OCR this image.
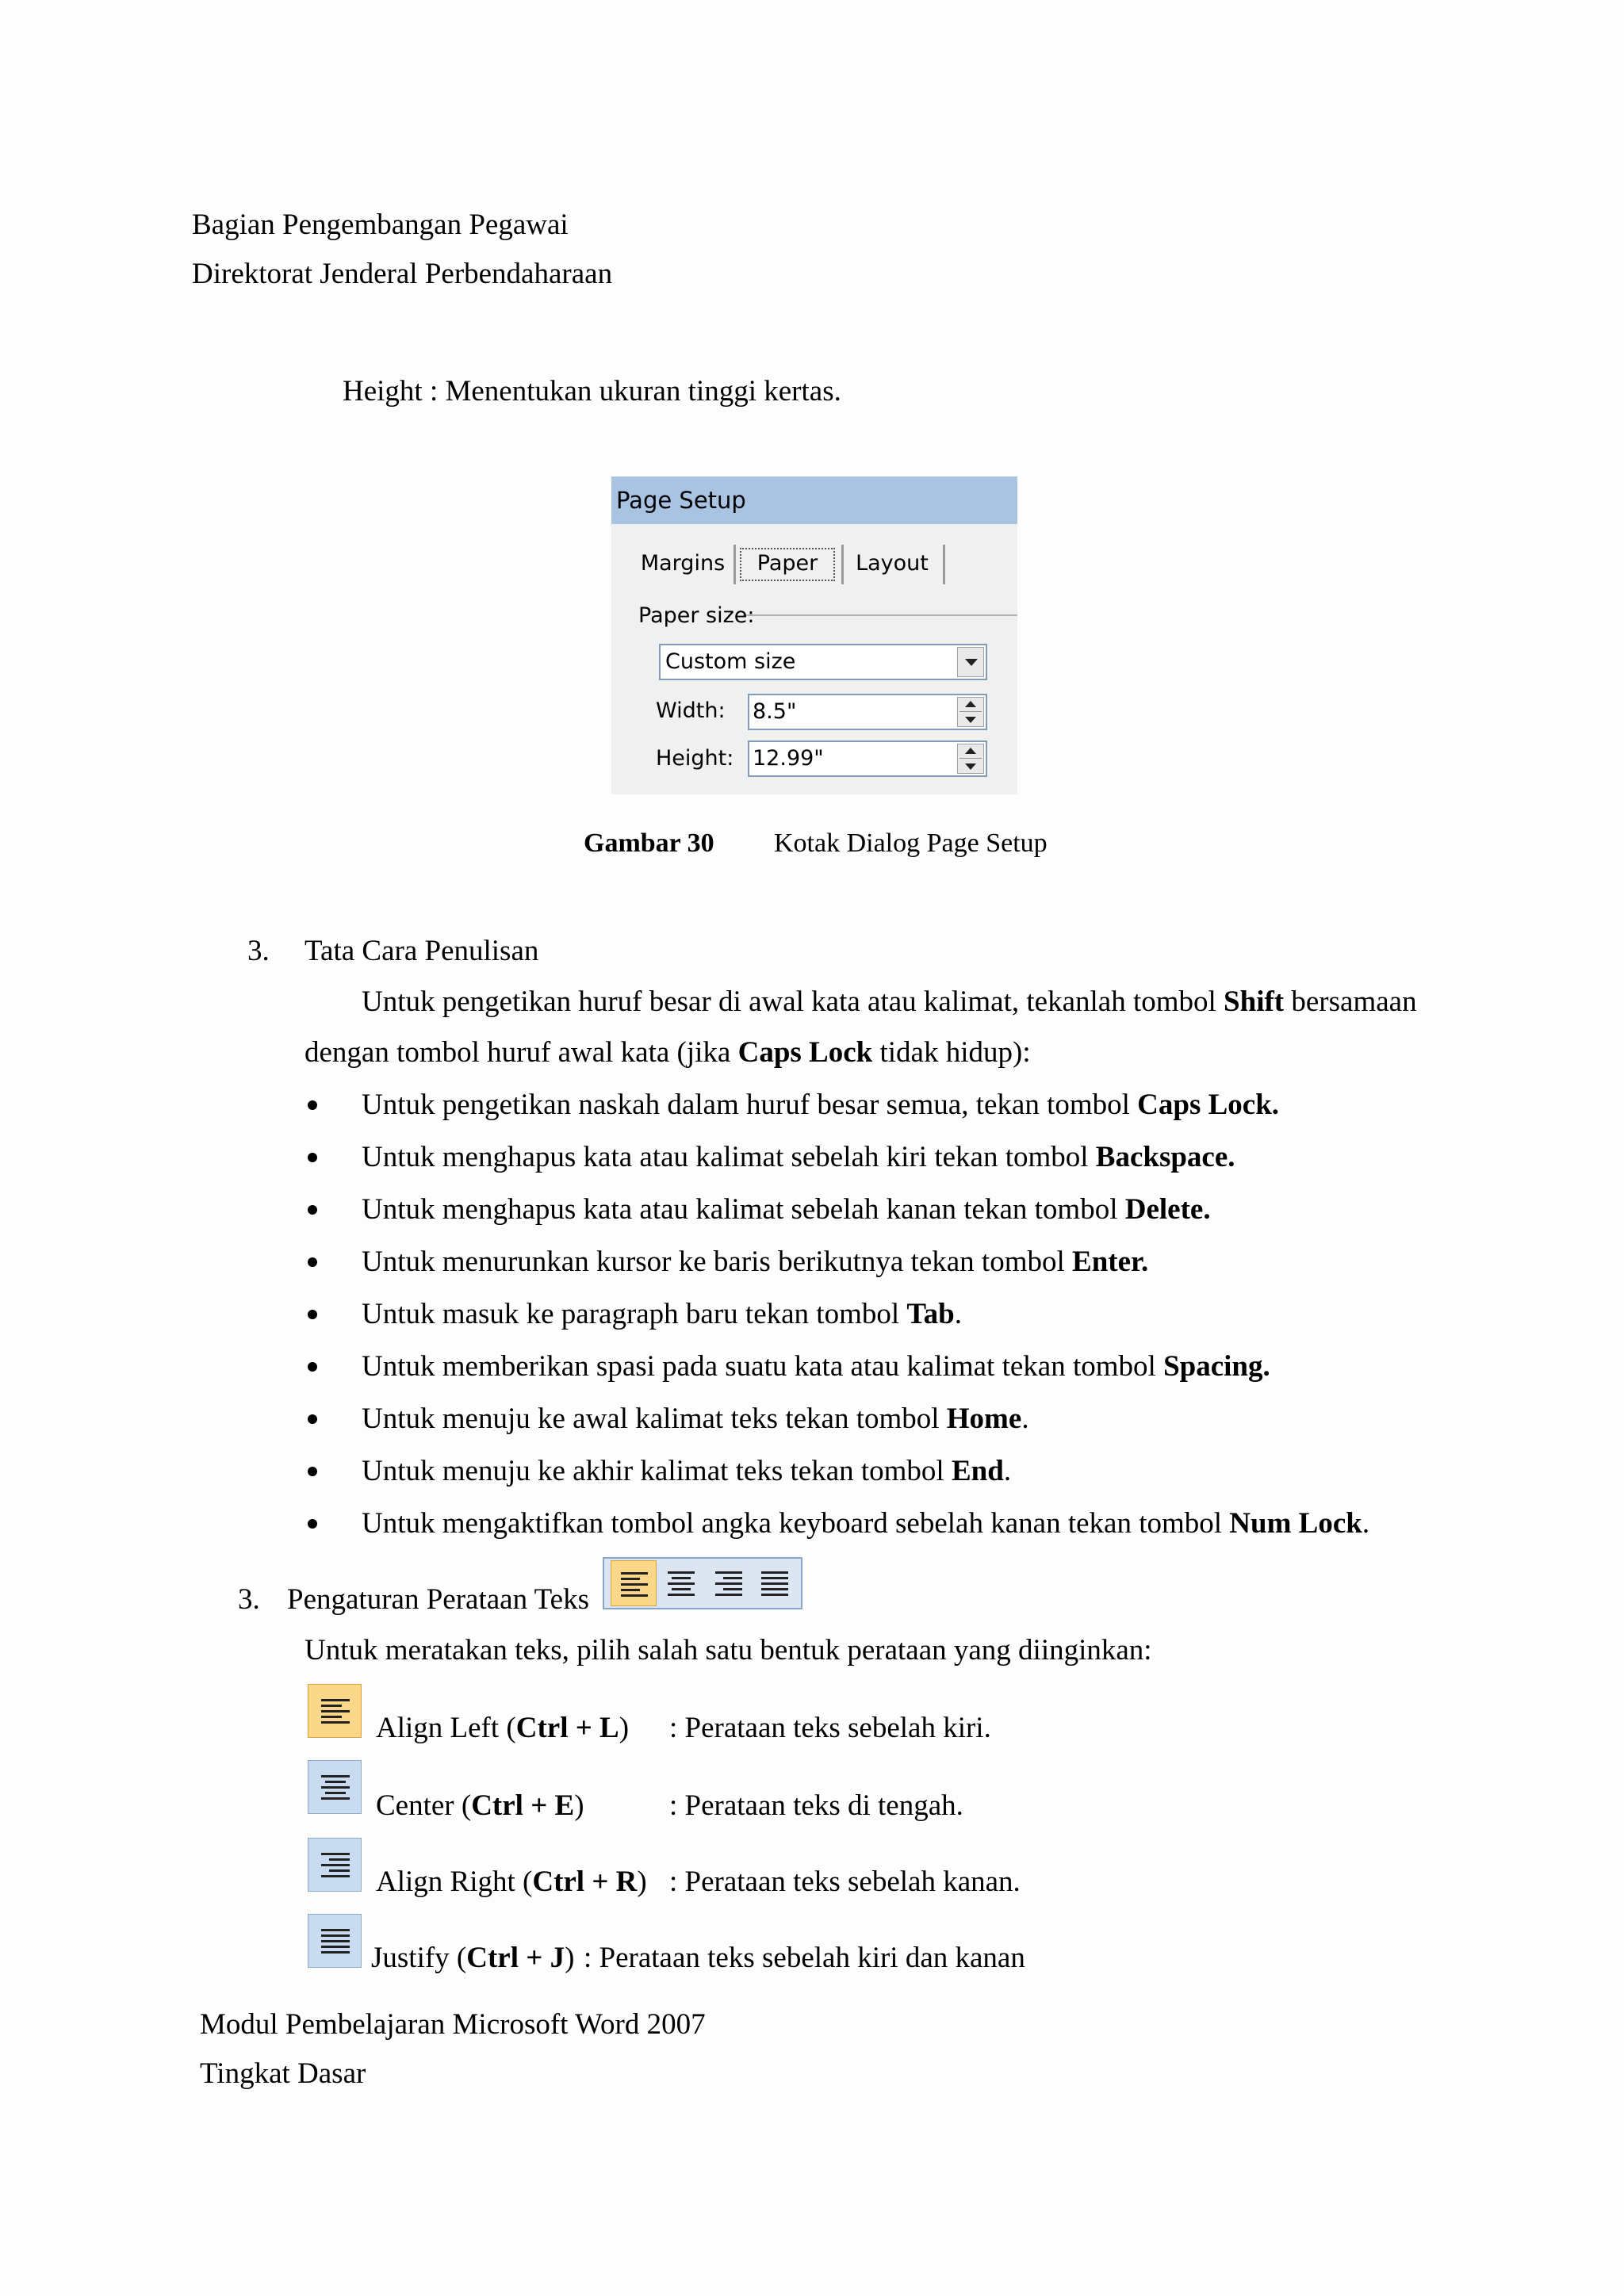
Bagian Pengembangan Pegawai
Direktorat Jenderal Perbendaharaan
Height : Menentukan ukuran tinggi kertas.
Page Setup
Margins	Paper	Layout
Paper size:
Custom size
Width: 8.5"
Height: 12.99"
Gambar 30 Kotak Dialog Page Setup
3. Tata Cara Penulisan
Untuk pengetikan huruf besar di awal kata atau kalimat, tekanlah tombol Shift bersamaan
dengan tombol huruf awal kata (jika Caps Lock tidak hidup):
Untuk pengetikan naskah dalam huruf besar semua, tekan tombol Caps Lock.
Untuk menghapus kata atau kalimat sebelah kiri tekan tombol Backspace.
Untuk menghapus kata atau kalimat sebelah kanan tekan tombol Delete.
Untuk menurunkan kursor ke baris berikutnya tekan tombol Enter.
Untuk masuk ke paragraph baru tekan tombol Tab.
Untuk memberikan spasi pada suatu kata atau kalimat tekan tombol Spacing.
Untuk menuju ke awal kalimat teks tekan tombol Home.
Untuk menuju ke akhir kalimat teks tekan tombol End.
Untuk mengaktifkan tombol angka keyboard sebelah kanan tekan tombol Num Lock.
3. Pengaturan Perataan Teks
Untuk meratakan teks, pilih salah satu bentuk perataan yang diinginkan:
Align Left (Ctrl + L) : Perataan teks sebelah kiri.
Center (Ctrl + E)	: Perataan teks di tengah.
Align Right (Ctrl + R) : Perataan teks sebelah kanan.
Justify (Ctrl + J) : Perataan teks sebelah kiri dan kanan
Modul Pembelajaran Microsoft Word 2007
Tingkat Dasar
